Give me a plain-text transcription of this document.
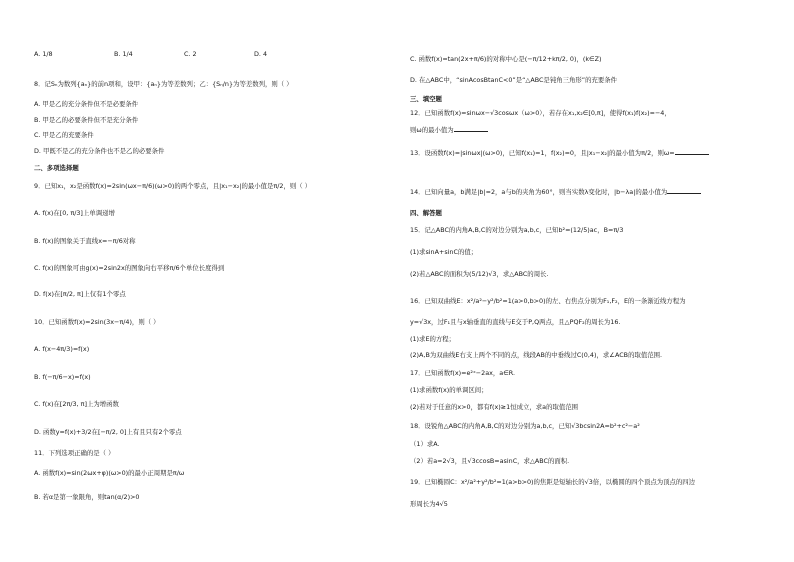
A. 1/8	B. 1/4	C. 2	D. 4
8．记Sₙ为数列{aₙ}的前n项和，设甲：{aₙ}为等差数列；乙：{Sₙ/n}为等差数列，则（ ）
A. 甲是乙的充分条件但不是必要条件
B. 甲是乙的必要条件但不是充分条件
C. 甲是乙的充要条件
D. 甲既不是乙的充分条件也不是乙的必要条件
二、多项选择题
9．已知x₁，x₂是函数f(x)=2sin(ωx−π/6)(ω>0)的两个零点，且|x₁−x₂|的最小值是π/2，则（ ）
A. f(x)在[0, π/3]上单调递增
B. f(x)的图象关于直线x=−π/6对称
C. f(x)的图象可由g(x)=2sin2x的图象向右平移π/6个单位长度得到
D. f(x)在[π/2, π]上仅有1个零点
10．已知函数f(x)=2sin(3x−π/4)，则（ ）
A. f(x−4π/3)=f(x)
B. f(−π/6−x)=f(x)
C. f(x)在[2π/3, π]上为增函数
D. 函数y=f(x)+3/2在[−π/2, 0]上有且只有2个零点
11．下列选项正确的是（ ）
A. 函数f(x)=sin(2ωx+φ)(ω>0)的最小正周期是π/ω
B. 若α是第一象限角，则tan(α/2)>0
C. 函数f(x)=tan(2x+π/6)的对称中心是(−π/12+kπ/2, 0)，(k∈Z)
D. 在△ABC中，“sinAcosBtanC<0”是“△ABC是钝角三角形”的充要条件
三、填空题
12．已知函数f(x)=sinωx−√3cosωx（ω>0），若存在x₁,x₂∈[0,π]，使得f(x₁)f(x₂)=−4，
则ω的最小值为
13．设函数f(x)=|sinωx|(ω>0)，已知f(x₁)=1，f(x₂)=0，且|x₁−x₂|的最小值为π/2，则ω=
14．已知向量a，b满足|b|=2，a与b的夹角为60°，则当实数λ变化时，|b−λa|的最小值为
四、解答题
15．记△ABC的内角A,B,C的对边分别为a,b,c，已知b²=(12/5)ac，B=π/3
(1)求sinA+sinC的值；
(2)若△ABC的面积为(5/12)√3，求△ABC的周长.
16．已知双曲线E：x²/a²−y²/b²=1(a>0,b>0)的左、右焦点分别为F₁,F₂，E的一条渐近线方程为
y=√3x，过F₁且与x轴垂直的直线与E交于P,Q两点，且△PQF₂的周长为16.
(1)求E的方程；
(2)A,B为双曲线E右支上两个不同的点，线段AB的中垂线过C(0,4)，求∠ACB的取值范围.
17．已知函数f(x)=e²ˣ−2ax，a∈R.
(1)求函数f(x)的单调区间；
(2)若对于任意的x>0，都有f(x)≥1恒成立，求a的取值范围
18．设锐角△ABC的内角A,B,C的对边分别为a,b,c，已知√3bcsin2A=b²+c²−a²
（1）求A.
（2）若a=2√3，且√3ccosB=asinC，求△ABC的面积.
19．已知椭圆C：x²/a²+y²/b²=1(a>b>0)的焦距是短轴长的√3倍，以椭圆的四个顶点为顶点的四边
形周长为4√5
